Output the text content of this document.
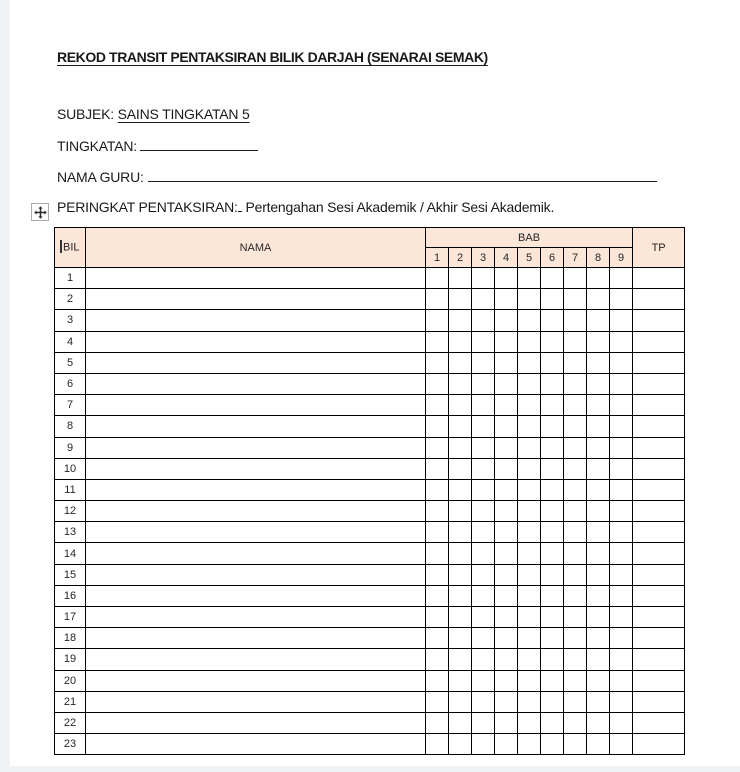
REKOD TRANSIT PENTAKSIRAN BILIK DARJAH (SENARAI SEMAK)
SUBJEK: SAINS TINGKATAN 5
TINGKATAN:
NAMA GURU:
PERINGKAT PENTAKSIRAN: Pertengahan Sesi Akademik / Akhir Sesi Akademik.
BIL	NAMA	BAB									TP
		1	2	3	4	5	6	7	8	9	
1											
2											
3											
4											
5											
6											
7											
8											
9											
10											
11											
12											
13											
14											
15											
16											
17											
18											
19											
20											
21											
22											
23											
